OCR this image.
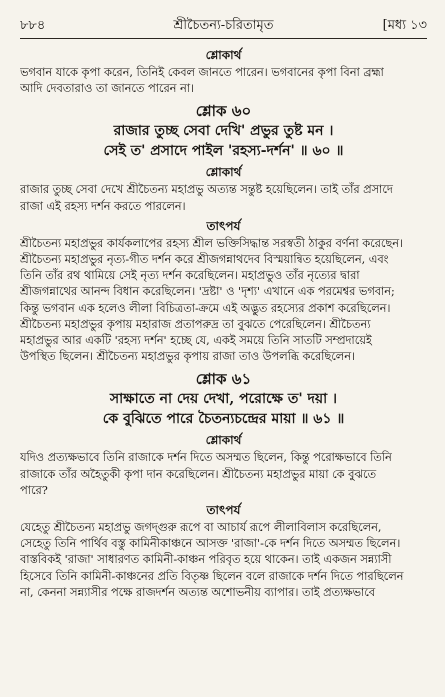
৮৮৪	শ্রীচৈতন্য-চরিতামৃত	[মধ্য ১৩
শ্লোকার্থ
ভগবান যাকে কৃপা করেন, তিনিই কেবল জানতে পারেন। ভগবানের কৃপা বিনা ব্রহ্মা
আদি দেবতারাও তা জানতে পারেন না।
শ্লোক ৬০
রাজার তুচ্ছ সেবা দেখি' প্রভুর তুষ্ট মন ।
সেই ত' প্রসাদে পাইল 'রহস্য-দর্শন' ॥ ৬০ ॥
শ্লোকার্থ
রাজার তুচ্ছ সেবা দেখে শ্রীচৈতন্য মহাপ্রভু অত্যন্ত সন্তুষ্ট হয়েছিলেন। তাই তাঁর প্রসাদে
রাজা এই রহস্য দর্শন করতে পারলেন।
তাৎপর্য
শ্রীচৈতন্য মহাপ্রভুর কার্যকলাপের রহস্য শ্রীল ভক্তিসিদ্ধান্ত সরস্বতী ঠাকুর বর্ণনা করেছেন।
শ্রীচৈতন্য মহাপ্রভুর নৃত্য-গীত দর্শন করে শ্রীজগন্নাথদেব বিস্ময়ান্বিত হয়েছিলেন, এবং
তিনি তাঁর রথ থামিয়ে সেই নৃত্য দর্শন করেছিলেন। মহাপ্রভুও তাঁর নৃত্যের দ্বারা
শ্রীজগন্নাথের আনন্দ বিধান করেছিলেন। 'দ্রষ্টা' ও 'দৃশ্য' এখানে এক পরমেশ্বর ভগবান;
কিন্তু ভগবান এক হলেও লীলা বিচিত্রতা-ক্রমে এই অদ্ভুত রহস্যের প্রকাশ করেছিলেন।
শ্রীচৈতন্য মহাপ্রভুর কৃপায় মহারাজ প্রতাপরুদ্র তা বুঝতে পেরেছিলেন। শ্রীচৈতন্য
মহাপ্রভুর আর একটি 'রহস্য দর্শন' হচ্ছে যে, একই সময়ে তিনি সাতটি সম্প্রদায়েই
উপস্থিত ছিলেন। শ্রীচৈতন্য মহাপ্রভুর কৃপায় রাজা তাও উপলব্ধি করেছিলেন।
শ্লোক ৬১
সাক্ষাতে না দেয় দেখা, পরোক্ষে ত' দয়া ।
কে বুঝিতে পারে চৈতন্যচন্দ্রের মায়া ॥ ৬১ ॥
শ্লোকার্থ
যদিও প্রত্যক্ষভাবে তিনি রাজাকে দর্শন দিতে অসম্মত ছিলেন, কিন্তু পরোক্ষভাবে তিনি
রাজাকে তাঁর অহৈতুকী কৃপা দান করেছিলেন। শ্রীচৈতন্য মহাপ্রভুর মায়া কে বুঝতে
পারে?
তাৎপর্য
যেহেতু শ্রীচৈতন্য মহাপ্রভু জগদ্গুরু রূপে বা আচার্য রূপে লীলাবিলাস করেছিলেন,
সেহেতু তিনি পার্থিব বস্তু কামিনীকাঞ্চনে আসক্ত 'রাজা'-কে দর্শন দিতে অসম্মত ছিলেন।
বাস্তবিকই 'রাজা' সাধারণত কামিনী-কাঞ্চন পরিবৃত হয়ে থাকেন। তাই একজন সন্ন্যাসী
হিসেবে তিনি কামিনী-কাঞ্চনের প্রতি বিতৃষ্ণ ছিলেন বলে রাজাকে দর্শন দিতে পারছিলেন
না, কেননা সন্ন্যাসীর পক্ষে রাজদর্শন অত্যন্ত অশোভনীয় ব্যাপার। তাই প্রত্যক্ষভাবে
